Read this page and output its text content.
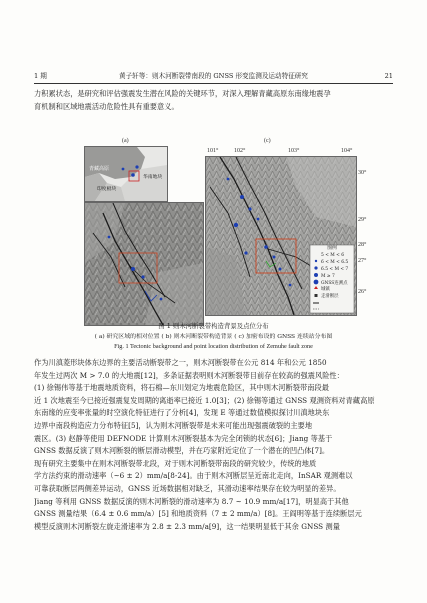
1 期	黄子轩等：则木河断裂带南段的 GNSS 形变监测及运动特征研究	21
力积累状态，是研究和评估强震发生潜在风险的关键环节，对深入理解青藏高原东南缘地震孕
育机制和区域地震活动危险性具有重要意义。
(a)	(c)
101°	102°	103°	104°
30°
29°
28°
27°
26°
青藏高原
华南地块
印度板块
图例
5 < M < 6
6 < M < 6.5
6.5 < M < 7
M ≥ 7
GNSS连测点
城镇
走滑断层
图 1 则木河断裂带构造背景及点位分布
( a) 研究区域的相对位置 ( b) 则木河断裂带构造背景 ( c) 加密布设的 GNSS 连续站分布图
Fig. 1 Tectonic background and point location distribution of Zemuhe fault zone
作为川滇菱形块体东边界的主要活动断裂带之一，则木河断裂带在公元 814 年和公元 1850
年发生过两次 M > 7.0 的大地震[12]，多条证据表明则木河断裂带目前存在较高的强震风险性：
(1) 徐锡伟等基于地震地质资料，将石棉—东川划定为地震危险区，其中则木河断裂带南段最
近 1 次地震至今已接近强震复发周期的离逝率已接近 1.0[3]；(2) 徐锡等通过 GNSS 观测资料对青藏高原
东南缘的应变率张量的时空演化特征进行了分析[4]，发现 E 等通过数值模拟探讨川滇地块东
边界中南段构造应力分布特征[5]，认为则木河断裂带是未来可能出现强震破裂的主要地
震区。(3) 赵静等使用 DEFNODE 计算则木河断裂基本为完全闭锁的状态[6]；Jiang 等基于
GNSS 数据反演了则木河断裂的断层滑动模型，并在巧家附近定位了一个潜在的凹凸体[7]。
现有研究主要集中在则木河断裂带北段，对于则木河断裂带南段的研究较少，传统的地质
学方法约束的滑动速率（~6 ± 2）mm/a[8-24]。由于则木河断层呈近南北走向，InSAR 观测难以
可靠获取断层两侧差异运动，GNSS 近场数据相对缺乏，其滑动速率结果存在较为明显的差异。
Jiang 等利用 GNSS 数据反演的则木河断裂的滑动速率为 8.7 ~ 10.9 mm/a[17]，明显高于其他
GNSS 测量结果（6.4 ± 0.6 mm/a）[5] 和地质资料（7 ± 2 mm/a）[8]。王阎明等基于连续断层元
模型反演则木河断裂左旋走滑速率为 2.8 ± 2.3 mm/a[9]，这一结果明显低于其余 GNSS 测量
